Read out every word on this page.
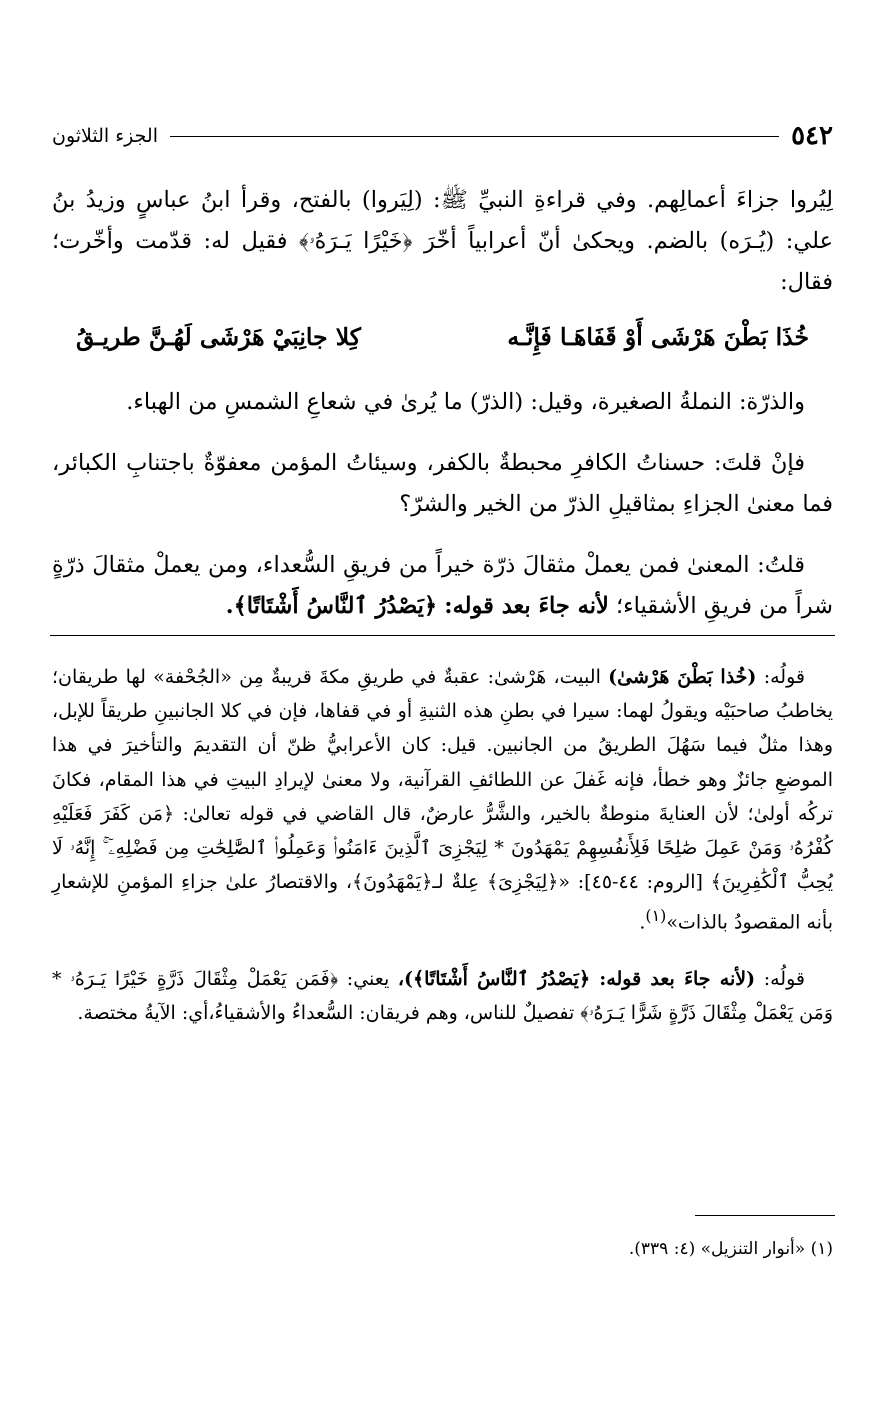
٥٤٢
الجزء الثلاثون

لِيُروا جزاءَ أعمالِهم. وفي قراءةِ النبيِّ ﷺ: (لِيَروا) بالفتح، وقرأ ابنُ عباسٍ وزيدُ بنُ علي: (يُـرَه) بالضم. ويحكىٰ أنّ أعرابياً أخّرَ ﴿خَيْرًا يَـرَهُۥ﴾ فقيل له: قدّمت وأخّرت؛ فقال:

خُذَا بَطْنَ هَرْشَى أَوْ قَفَاهَـا فَإِنَّـه
كِلا جانِبَيْ هَرْشَى لَهُـنَّ طريـقُ

والذرّة: النملةُ الصغيرة، وقيل: (الذرّ) ما يُرىٰ في شعاعِ الشمسِ من الهباء.

فإنْ قلتَ: حسناتُ الكافرِ محبطةٌ بالكفر، وسيئاتُ المؤمن معفوّةٌ باجتنابِ الكبائر، فما معنىٰ الجزاءِ بمثاقيلِ الذرّ من الخير والشرّ؟

قلتُ: المعنىٰ فمن يعملْ مثقالَ ذرّة خيراً من فريقِ السُّعداء، ومن يعملْ مثقالَ ذرّةٍ شراً من فريقِ الأشقياء؛ لأنه جاءَ بعد قوله: ﴿يَصْدُرُ ٱلنَّاسُ أَشْتَاتًا﴾.

قولُه: (خُذا بَطْنَ هَرْشىٰ) البيت، هَرْشىٰ: عقبةٌ في طريقِ مكةَ قريبةٌ مِن «الجُحْفة» لها طريقان؛ يخاطبُ صاحبَيْه ويقولُ لهما: سيرا في بطنِ هذه الثنيةِ أو في قفاها، فإن في كلا الجانبينِ طريقاً للإبل، وهذا مثلٌ فيما سَهُلَ الطريقُ من الجانبين. قيل: كان الأعرابيُّ ظنّ أن التقديمَ والتأخيرَ في هذا الموضعِ جائزٌ وهو خطأ، فإنه غَفلَ عن اللطائفِ القرآنية، ولا معنىٰ لإيرادِ البيتِ في هذا المقام، فكانَ تركُه أولىٰ؛ لأن العنايةَ منوطةٌ بالخير، والشَّرُّ عارضٌ، قال القاضي في قوله تعالىٰ: ﴿مَن كَفَرَ فَعَلَيْهِ كُفْرُهُۥ وَمَنْ عَمِلَ صَٰلِحًا فَلِأَنفُسِهِمْ يَمْهَدُونَ * لِيَجْزِىَ ٱلَّذِينَ ءَامَنُوا۟ وَعَمِلُوا۟ ٱلصَّٰلِحَٰتِ مِن فَضْلِهِۦٓ ۚ إِنَّهُۥ لَا يُحِبُّ ٱلْكَٰفِرِينَ﴾ [الروم: ٤٤-٤٥]: «﴿لِيَجْزِىَ﴾ عِلةٌ لـ﴿يَمْهَدُونَ﴾، والاقتصارُ علىٰ جزاءِ المؤمنِ للإشعارِ بأنه المقصودُ بالذات»$^{(١)}$.

قولُه: (لأنه جاءَ بعد قوله: ﴿يَصْدُرُ ٱلنَّاسُ أَشْتَاتًا﴾)، يعني: ﴿فَمَن يَعْمَلْ مِثْقَالَ ذَرَّةٍ خَيْرًا يَـرَهُۥ * وَمَن يَعْمَلْ مِثْقَالَ ذَرَّةٍ شَرًّا يَـرَهُۥ﴾ تفصيلٌ للناس، وهم فريقان: السُّعداءُ والأشقياءُ،أي: الآيةُ مختصة.

(١) «أنوار التنزيل» (٤: ٣٣٩).
